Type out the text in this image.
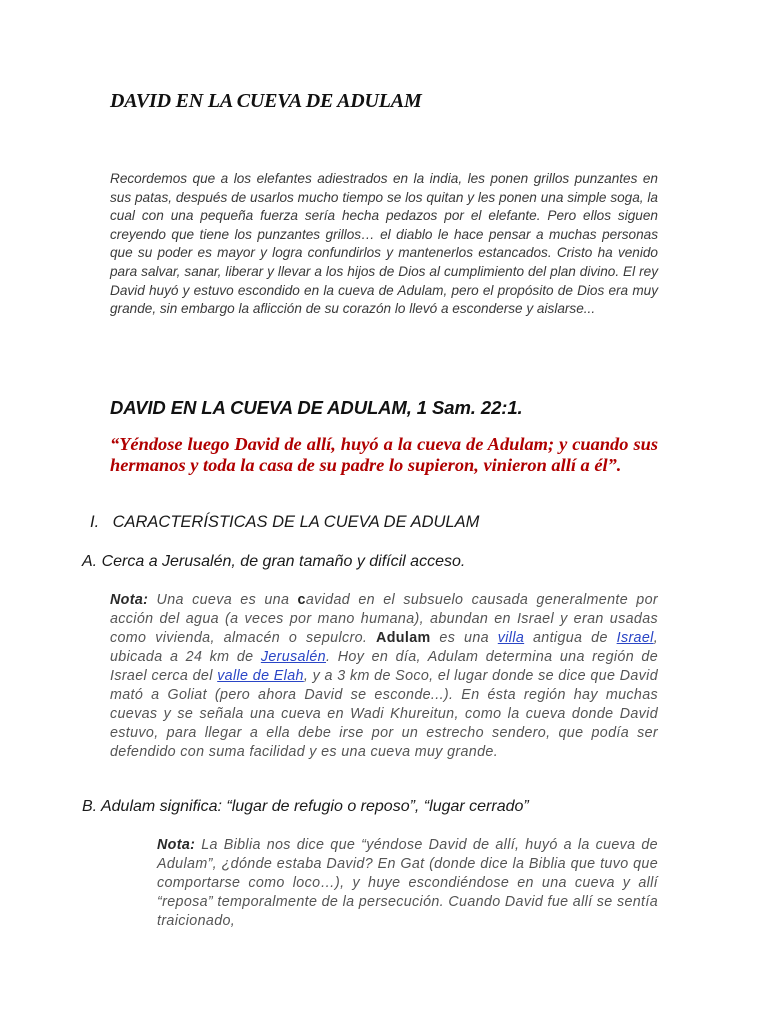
DAVID EN LA CUEVA DE ADULAM

Recordemos que a los elefantes adiestrados en la india, les ponen grillos punzantes en sus patas, después de usarlos mucho tiempo se los quitan y les ponen una simple soga, la cual con una pequeña fuerza sería hecha pedazos por el elefante. Pero ellos siguen creyendo que tiene los punzantes grillos… el diablo le hace pensar a muchas personas que su poder es mayor y logra confundirlos y mantenerlos estancados. Cristo ha venido para salvar, sanar, liberar y llevar a los hijos de Dios al cumplimiento del plan divino. El rey David huyó y estuvo escondido en la cueva de Adulam, pero el propósito de Dios era muy grande, sin embargo la aflicción de su corazón lo llevó a esconderse y aislarse...

DAVID EN LA CUEVA DE ADULAM, 1 Sam. 22:1.

“Yéndose luego David de allí, huyó a la cueva de Adulam; y cuando sus hermanos y toda la casa de su padre lo supieron, vinieron allí a él”.

I. CARACTERÍSTICAS DE LA CUEVA DE ADULAM
A. Cerca a Jerusalén, de gran tamaño y difícil acceso.

Nota: Una cueva es una cavidad en el subsuelo causada generalmente por acción del agua (a veces por mano humana), abundan en Israel y eran usadas como vivienda, almacén o sepulcro. Adulam es una villa antigua de Israel, ubicada a 24 km de Jerusalén. Hoy en día, Adulam determina una región de Israel cerca del valle de Elah, y a 3 km de Soco, el lugar donde se dice que David mató a Goliat (pero ahora David se esconde...). En ésta región hay muchas cuevas y se señala una cueva en Wadi Khureitun, como la cueva donde David estuvo, para llegar a ella debe irse por un estrecho sendero, que podía ser defendido con suma facilidad y es una cueva muy grande.

B. Adulam significa: “lugar de refugio o reposo”, “lugar cerrado”

Nota: La Biblia nos dice que “yéndose David de allí, huyó a la cueva de Adulam”, ¿dónde estaba David? En Gat (donde dice la Biblia que tuvo que comportarse como loco…), y huye escondiéndose en una cueva y allí “reposa” temporalmente de la persecución. Cuando David fue allí se sentía traicionado,
